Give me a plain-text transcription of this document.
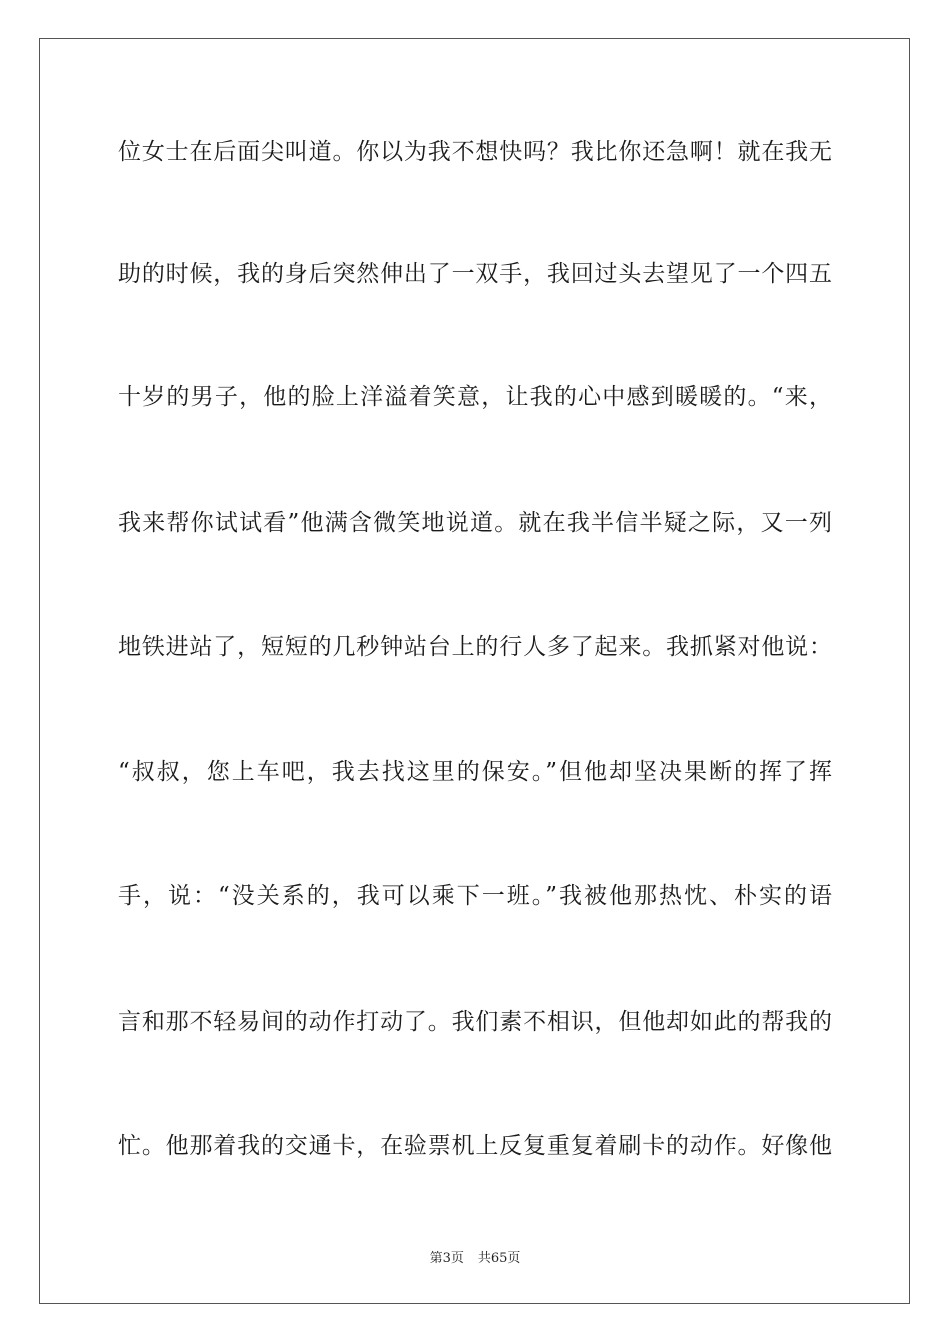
位女士在后面尖叫道。你以为我不想快吗？我比你还急啊！就在我无
助的时候，我的身后突然伸出了一双手，我回过头去望见了一个四五
十岁的男子，他的脸上洋溢着笑意，让我的心中感到暖暖的。“来，
我来帮你试试看”他满含微笑地说道。就在我半信半疑之际，又一列
地铁进站了，短短的几秒钟站台上的行人多了起来。我抓紧对他说：
“叔叔，您上车吧，我去找这里的保安。”但他却坚决果断的挥了挥
手，说：“没关系的，我可以乘下一班。”我被他那热忱、朴实的语
言和那不轻易间的动作打动了。我们素不相识，但他却如此的帮我的
忙。他那着我的交通卡，在验票机上反复重复着刷卡的动作。好像他
第3页 共65页
